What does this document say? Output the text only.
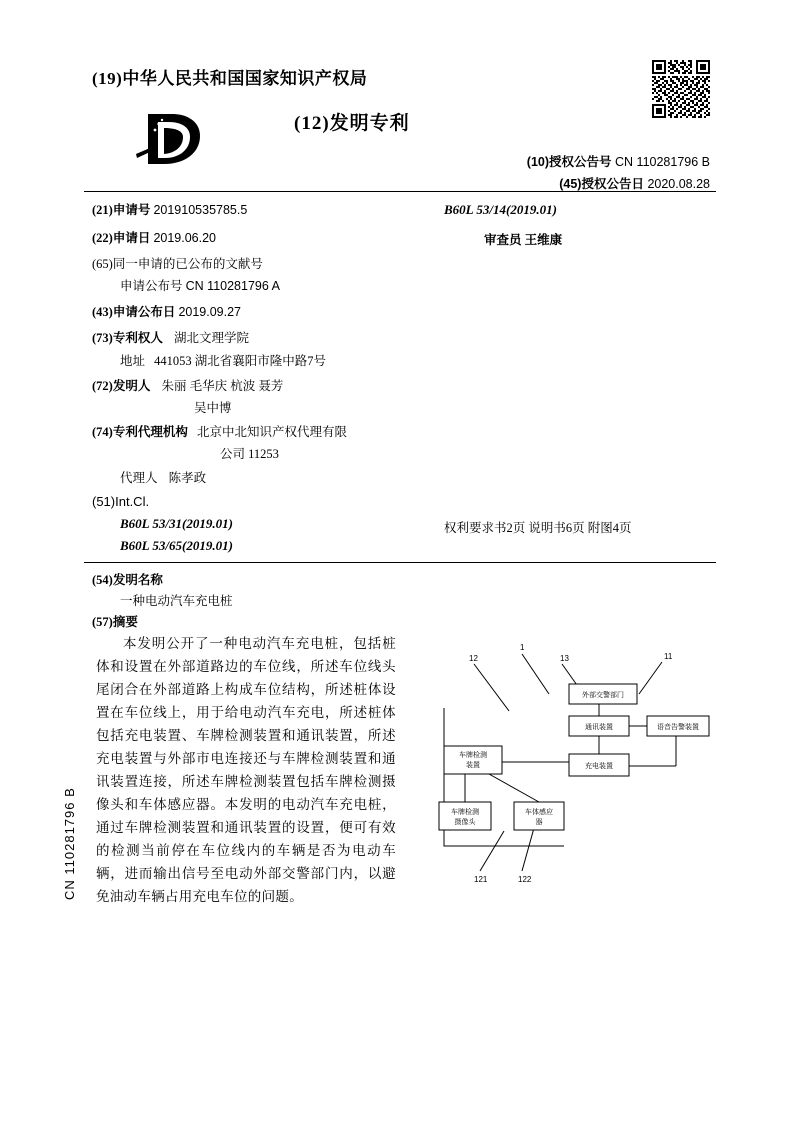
CN 110281796 B
(19)中华人民共和国国家知识产权局
(12)发明专利
(10)授权公告号 CN 110281796 B
(45)授权公告日 2020.08.28
(21)申请号 201910535785.5	B60L 53/14(2019.01)
(22)申请日 2019.06.20	审查员 王维康
(65)同一申请的已公布的文献号
申请公布号 CN 110281796 A
(43)申请公布日 2019.09.27
(73)专利权人 湖北文理学院
地址 441053 湖北省襄阳市隆中路7号
(72)发明人 朱丽 毛华庆 杭波 聂芳
吴中博
(74)专利代理机构 北京中北知识产权代理有限
公司 11253
代理人 陈孝政
(51)Int.Cl.
B60L 53/31(2019.01)
B60L 53/65(2019.01)
权利要求书2页 说明书6页 附图4页
(54)发明名称
一种电动汽车充电桩
(57)摘要
本发明公开了一种电动汽车充电桩，包括桩体和设置在外部道路边的车位线，所述车位线头尾闭合在外部道路上构成车位结构，所述桩体设置在车位线上，用于给电动汽车充电，所述桩体包括充电装置、车牌检测装置和通讯装置，所述充电装置与外部市电连接还与车牌检测装置和通讯装置连接，所述车牌检测装置包括车牌检测摄像头和车体感应器。本发明的电动汽车充电桩，通过车牌检测装置和通讯装置的设置，便可有效的检测当前停在车位线内的车辆是否为电动车辆，进而输出信号至电动外部交警部门内，以避免油动车辆占用充电车位的问题。
外部交警部门
通讯装置	语音告警装置
车牌检测
装置	充电装置
车牌检测
摄像头
车体感应
器
1
12	13	11
121	122
